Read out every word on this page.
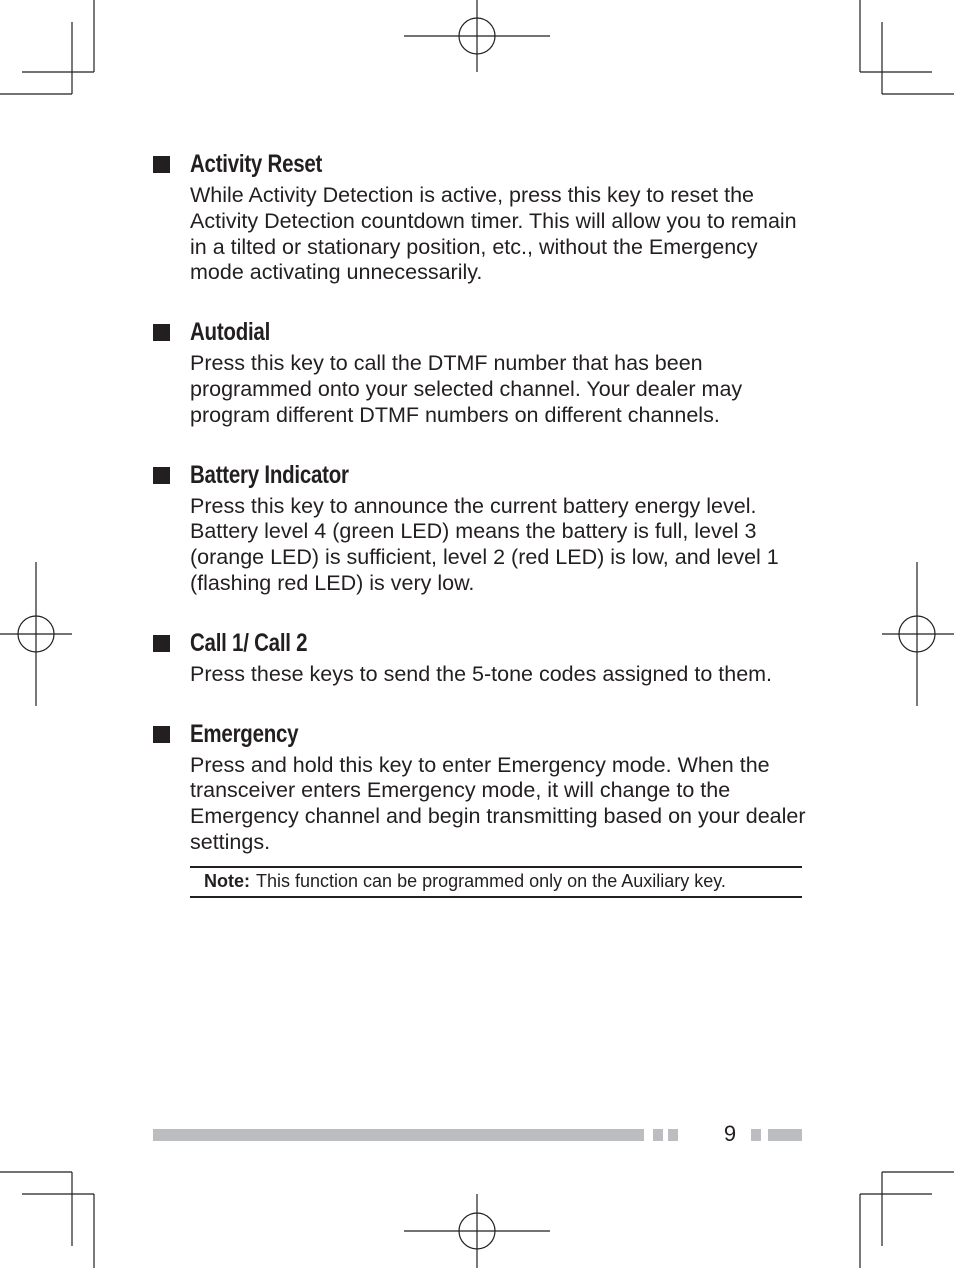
Activity Reset
While Activity Detection is active, press this key to reset the Activity Detection countdown timer. This will allow you to remain in a tilted or stationary position, etc., without the Emergency mode activating unnecessarily.
Autodial
Press this key to call the DTMF number that has been programmed onto your selected channel. Your dealer may program different DTMF numbers on different channels.
Battery Indicator
Press this key to announce the current battery energy level. Battery level 4 (green LED) means the battery is full, level 3 (orange LED) is sufficient, level 2 (red LED) is low, and level 1 (flashing red LED) is very low.
Call 1/ Call 2
Press these keys to send the 5-tone codes assigned to them.
Emergency
Press and hold this key to enter Emergency mode. When the transceiver enters Emergency mode, it will change to the Emergency channel and begin transmitting based on your dealer settings.
Note: This function can be programmed only on the Auxiliary key.
9
